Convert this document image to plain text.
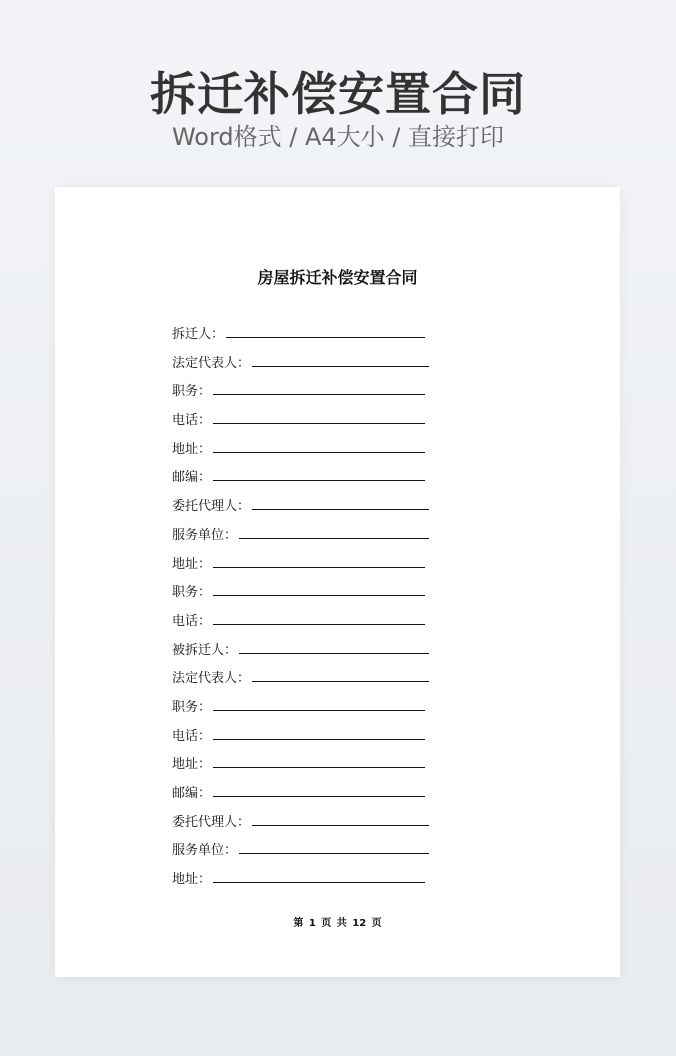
拆迁补偿安置合同
Word格式 / A4大小 / 直接打印
房屋拆迁补偿安置合同
拆迁人：
法定代表人：
职务：
电话：
地址：
邮编：
委托代理人：
服务单位：
地址：
职务：
电话：
被拆迁人：
法定代表人：
职务：
电话：
地址：
邮编：
委托代理人：
服务单位：
地址：
第 1 页 共 12 页
